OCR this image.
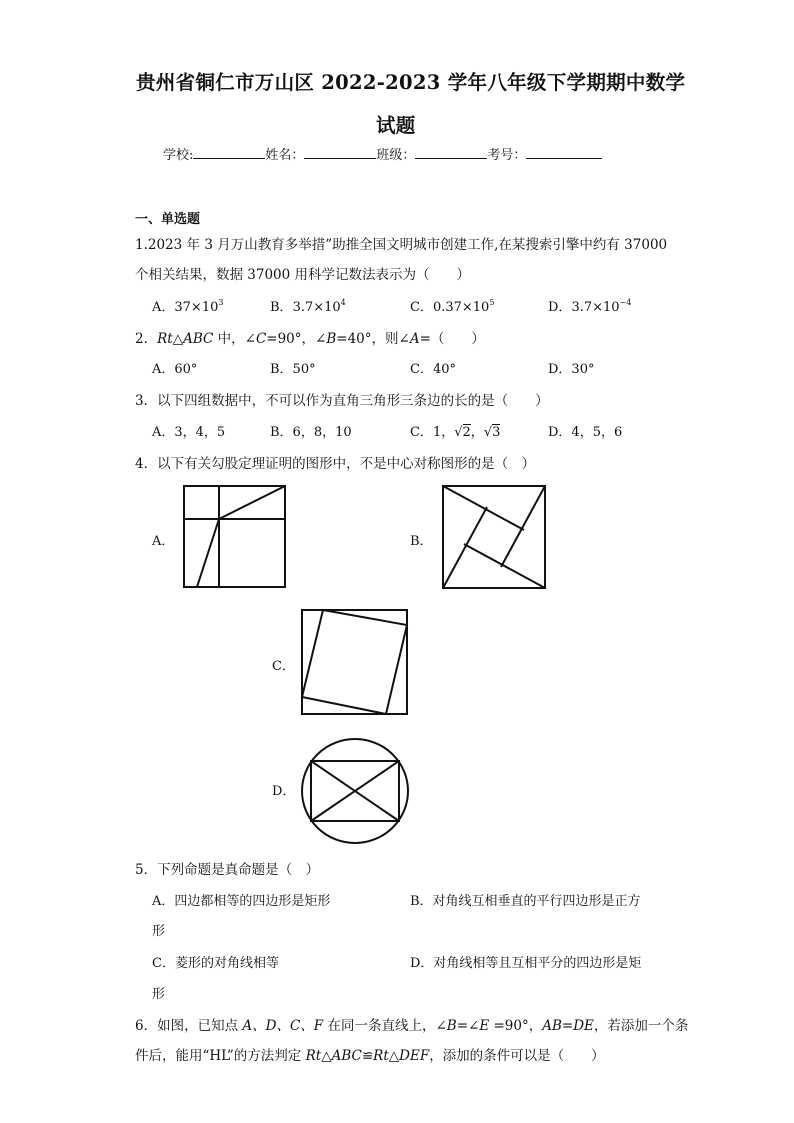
贵州省铜仁市万山区 2022-2023 学年八年级下学期期中数学
试题
学校:	姓名：	班级：	考号：
一、单选题
1.2023 年 3 月万山教育多举措”助推全国文明城市创建工作,在某搜索引擎中约有 37000
个相关结果，数据 37000 用科学记数法表示为（　　）
A．$37\times 10^3$	B．$3.7\times 10^4$	C．$0.37\times 10^5$	D．$3.7\times 10^{-4}$
2．Rt△ABC 中，∠C=90°，∠B=40°，则∠A=（　　）
A．60°	B．50°	C．40°	D．30°
3．以下四组数据中，不可以作为直角三角形三条边的长的是（　　）
A．3，4，5	B．6，8，10	C．1，√2，√3	D．4，5，6
4．以下有关勾股定理证明的图形中，不是中心对称图形的是（　）
A．	B．
C．
D．
5．下列命题是真命题是（　）
A．四边都相等的四边形是矩形	B．对角线互相垂直的平行四边形是正方
形
C．菱形的对角线相等	D．对角线相等且互相平分的四边形是矩
形
6．如图，已知点 A、D、C、F 在同一条直线上，∠B=∠E =90°，AB=DE，若添加一个条
件后，能用“HL”的方法判定 Rt△ABC≌Rt△DEF，添加的条件可以是（　　）
